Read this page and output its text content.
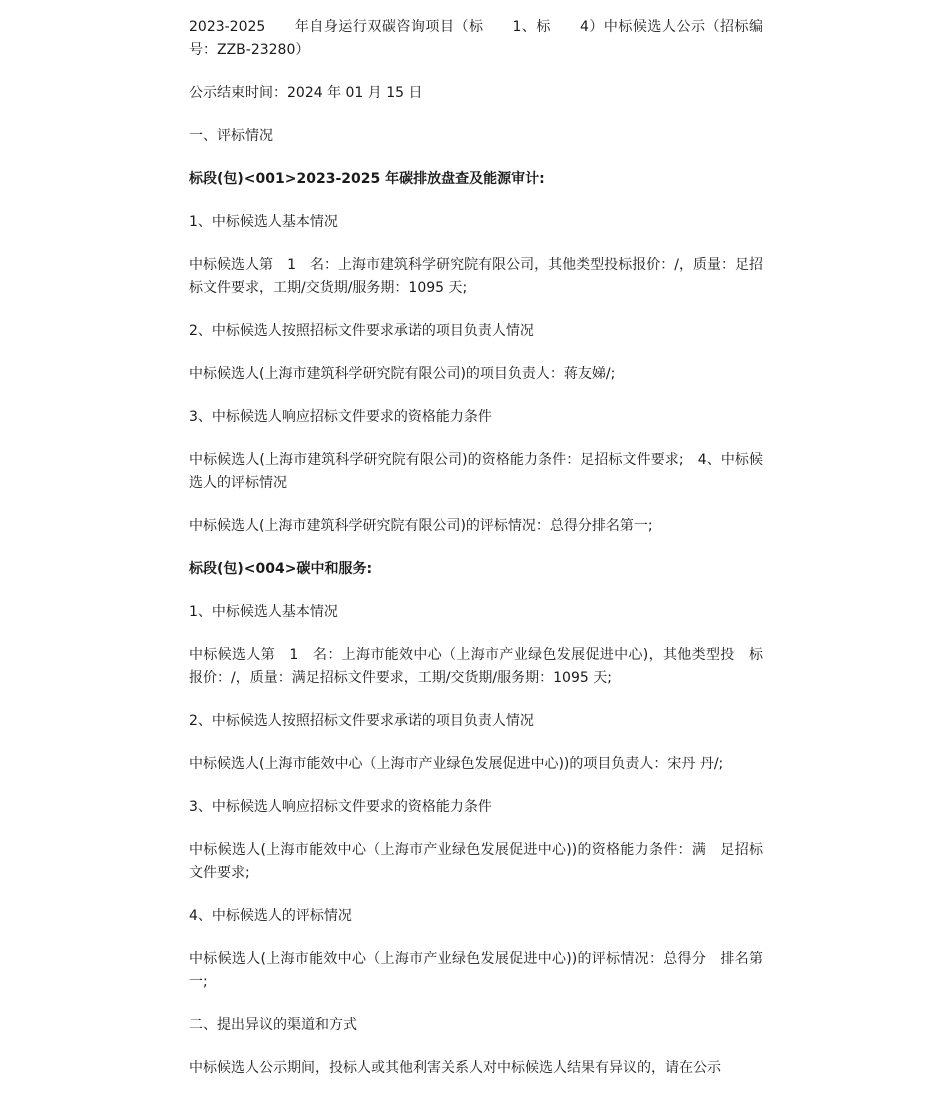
2023-2025　　年自身运行双碳咨询项目（标　　1、标　　4）中标候选人公示（招标编号：ZZB-23280）

公示结束时间：2024 年 01 月 15 日

一、评标情况

标段(包)<001>2023-2025 年碳排放盘查及能源审计:

1、中标候选人基本情况

中标候选人第　1　名：上海市建筑科学研究院有限公司，其他类型投标报价：/，质量：足招标文件要求，工期/交货期/服务期：1095 天;

2、中标候选人按照招标文件要求承诺的项目负责人情况

中标候选人(上海市建筑科学研究院有限公司)的项目负责人：蒋友娣/;

3、中标候选人响应招标文件要求的资格能力条件

中标候选人(上海市建筑科学研究院有限公司)的资格能力条件：足招标文件要求;　4、中标候选人的评标情况

中标候选人(上海市建筑科学研究院有限公司)的评标情况：总得分排名第一;

标段(包)<004>碳中和服务:

1、中标候选人基本情况

中标候选人第　1　名：上海市能效中心（上海市产业绿色发展促进中心)，其他类型投　标报价：/，质量：满足招标文件要求，工期/交货期/服务期：1095 天;

2、中标候选人按照招标文件要求承诺的项目负责人情况

中标候选人(上海市能效中心（上海市产业绿色发展促进中心))的项目负责人：宋丹 丹/;

3、中标候选人响应招标文件要求的资格能力条件

中标候选人(上海市能效中心（上海市产业绿色发展促进中心))的资格能力条件：满　足招标文件要求;

4、中标候选人的评标情况

中标候选人(上海市能效中心（上海市产业绿色发展促进中心))的评标情况：总得分　排名第一;

二、提出异议的渠道和方式

中标候选人公示期间，投标人或其他利害关系人对中标候选人结果有异议的，请在公示
